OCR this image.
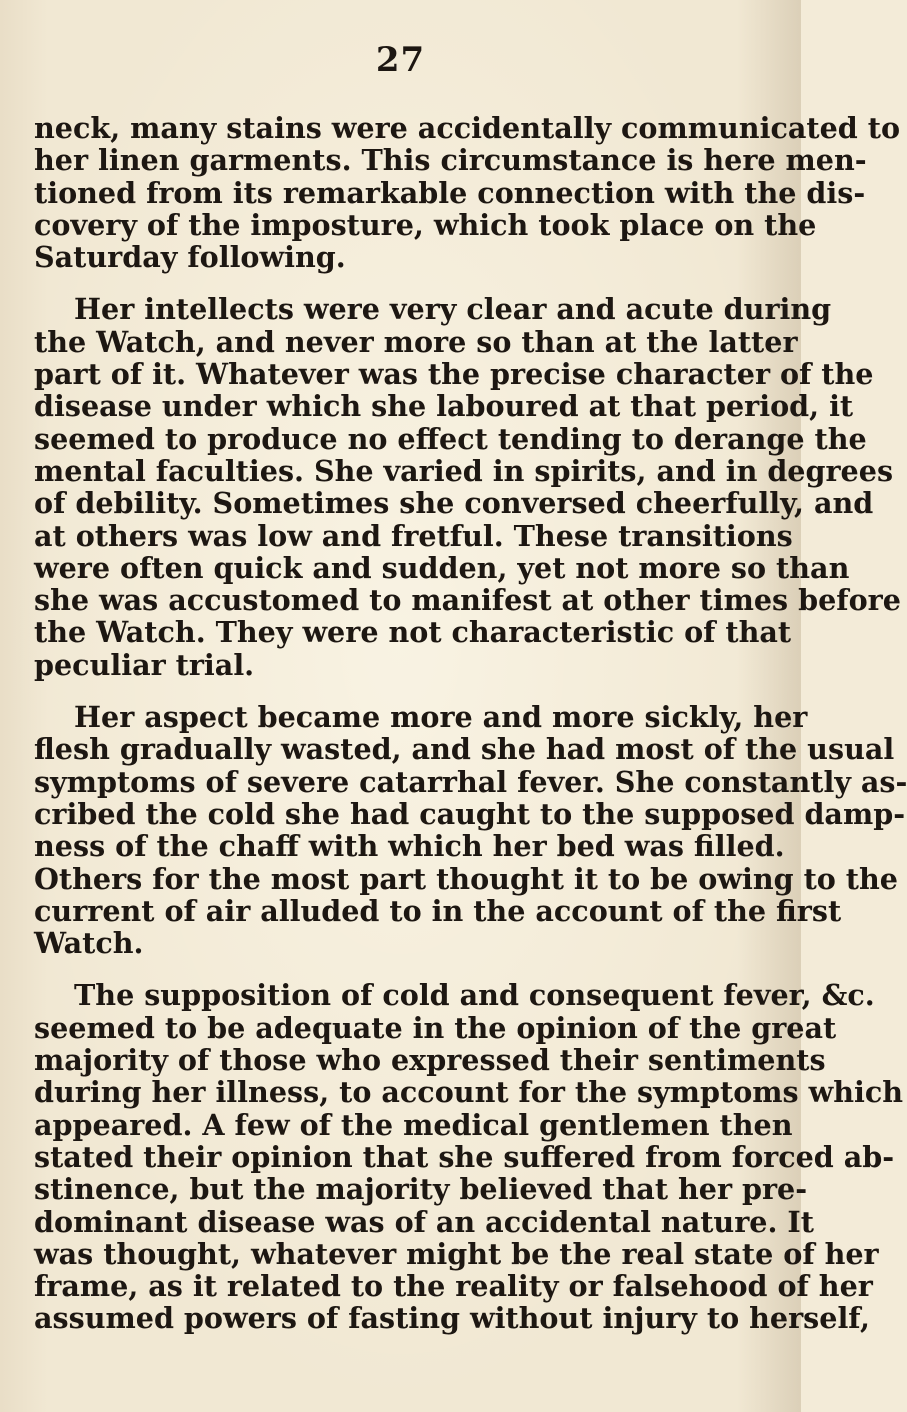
27
neck, many stains were accidentally communicated to
her linen garments. This circumstance is here men-
tioned from its remarkable connection with the dis-
covery of the imposture, which took place on the
Saturday following.
Her intellects were very clear and acute during
the Watch, and never more so than at the latter
part of it. Whatever was the precise character of the
disease under which she laboured at that period, it
seemed to produce no effect tending to derange the
mental faculties. She varied in spirits, and in degrees
of debility. Sometimes she conversed cheerfully, and
at others was low and fretful. These transitions
were often quick and sudden, yet not more so than
she was accustomed to manifest at other times before
the Watch. They were not characteristic of that
peculiar trial.
Her aspect became more and more sickly, her
flesh gradually wasted, and she had most of the usual
symptoms of severe catarrhal fever. She constantly as-
cribed the cold she had caught to the supposed damp-
ness of the chaff with which her bed was filled.
Others for the most part thought it to be owing to the
current of air alluded to in the account of the first
Watch.
The supposition of cold and consequent fever, &c.
seemed to be adequate in the opinion of the great
majority of those who expressed their sentiments
during her illness, to account for the symptoms which
appeared. A few of the medical gentlemen then
stated their opinion that she suffered from forced ab-
stinence, but the majority believed that her pre-
dominant disease was of an accidental nature. It
was thought, whatever might be the real state of her
frame, as it related to the reality or falsehood of her
assumed powers of fasting without injury to herself,
